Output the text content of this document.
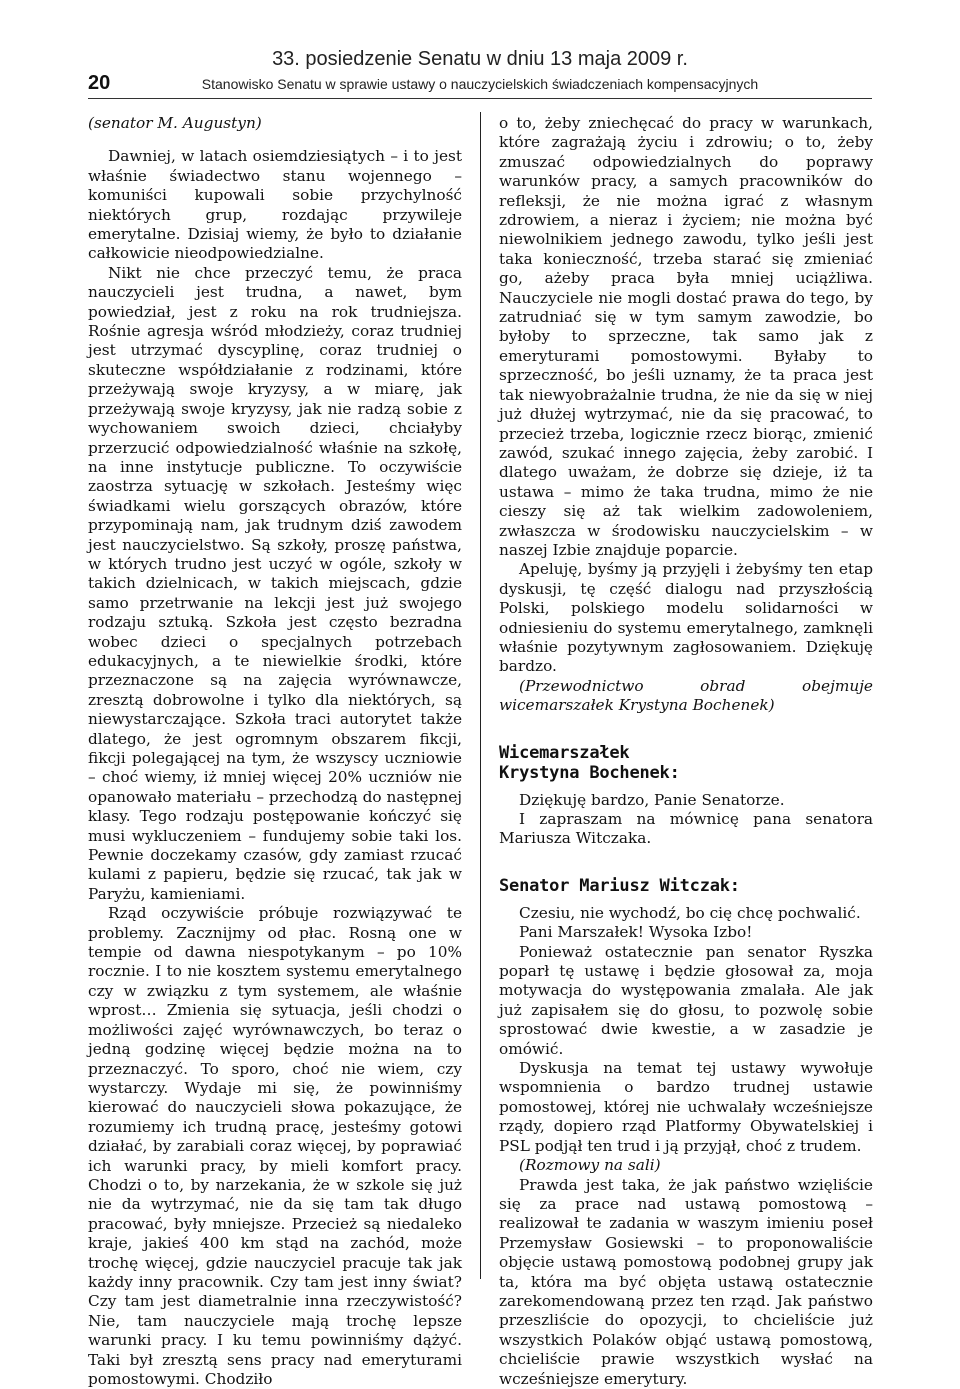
33. posiedzenie Senatu w dniu 13 maja 2009 r.
20	Stanowisko Senatu w sprawie ustawy o nauczycielskich świadczeniach kompensacyjnych

(senator M. Augustyn)

Dawniej, w latach osiemdziesiątych – i to jest właśnie świadectwo stanu wojennego – komuniści kupowali sobie przychylność niektórych grup, rozdając przywileje emerytalne. Dzisiaj wiemy, że było to działanie całkowicie nieodpowiedzialne.

Nikt nie chce przeczyć temu, że praca nauczycieli jest trudna, a nawet, bym powiedział, jest z roku na rok trudniejsza. Rośnie agresja wśród młodzieży, coraz trudniej jest utrzymać dyscyplinę, coraz trudniej o skuteczne współdziałanie z rodzinami, które przeżywają swoje kryzysy, a w miarę, jak przeżywają swoje kryzysy, jak nie radzą sobie z wychowaniem swoich dzieci, chciałyby przerzucić odpowiedzialność właśnie na szkołę, na inne instytucje publiczne. To oczywiście zaostrza sytuację w szkołach. Jesteśmy więc świadkami wielu gorszących obrazów, które przypominają nam, jak trudnym dziś zawodem jest nauczycielstwo. Są szkoły, proszę państwa, w których trudno jest uczyć w ogóle, szkoły w takich dzielnicach, w takich miejscach, gdzie samo przetrwanie na lekcji jest już swojego rodzaju sztuką. Szkoła jest często bezradna wobec dzieci o specjalnych potrzebach edukacyjnych, a te niewielkie środki, które przeznaczone są na zajęcia wyrównawcze, zresztą dobrowolne i tylko dla niektórych, są niewystarczające. Szkoła traci autorytet także dlatego, że jest ogromnym obszarem fikcji, fikcji polegającej na tym, że wszyscy uczniowie – choć wiemy, iż mniej więcej 20% uczniów nie opanowało materiału – przechodzą do następnej klasy. Tego rodzaju postępowanie kończyć się musi wykluczeniem – fundujemy sobie taki los. Pewnie doczekamy czasów, gdy zamiast rzucać kulami z papieru, będzie się rzucać, tak jak w Paryżu, kamieniami.

Rząd oczywiście próbuje rozwiązywać te problemy. Zacznijmy od płac. Rosną one w tempie od dawna niespotykanym – po 10% rocznie. I to nie kosztem systemu emerytalnego czy w związku z tym systemem, ale właśnie wprost… Zmienia się sytuacja, jeśli chodzi o możliwości zajęć wyrównawczych, bo teraz o jedną godzinę więcej będzie można na to przeznaczyć. To sporo, choć nie wiem, czy wystarczy. Wydaje mi się, że powinniśmy kierować do nauczycieli słowa pokazujące, że rozumiemy ich trudną pracę, jesteśmy gotowi działać, by zarabiali coraz więcej, by poprawiać ich warunki pracy, by mieli komfort pracy. Chodzi o to, by narzekania, że w szkole się już nie da wytrzymać, nie da się tam tak długo pracować, były mniejsze. Przecież są niedaleko kraje, jakieś 400 km stąd na zachód, może trochę więcej, gdzie nauczyciel pracuje tak jak każdy inny pracownik. Czy tam jest inny świat? Czy tam jest diametralnie inna rzeczywistość? Nie, tam nauczyciele mają trochę lepsze warunki pracy. I ku temu powinniśmy dążyć. Taki był zresztą sens pracy nad emeryturami pomostowymi. Chodziło

o to, żeby zniechęcać do pracy w warunkach, które zagrażają życiu i zdrowiu; o to, żeby zmuszać odpowiedzialnych do poprawy warunków pracy, a samych pracowników do refleksji, że nie można igrać z własnym zdrowiem, a nieraz i życiem; nie można być niewolnikiem jednego zawodu, tylko jeśli jest taka konieczność, trzeba starać się zmieniać go, ażeby praca była mniej uciążliwa. Nauczyciele nie mogli dostać prawa do tego, by zatrudniać się w tym samym zawodzie, bo byłoby to sprzeczne, tak samo jak z emeryturami pomostowymi. Byłaby to sprzeczność, bo jeśli uznamy, że ta praca jest tak niewyobrażalnie trudna, że nie da się w niej już dłużej wytrzymać, nie da się pracować, to przecież trzeba, logicznie rzecz biorąc, zmienić zawód, szukać innego zajęcia, żeby zarobić. I dlatego uważam, że dobrze się dzieje, iż ta ustawa – mimo że taka trudna, mimo że nie cieszy się aż tak wielkim zadowoleniem, zwłaszcza w środowisku nauczycielskim – w naszej Izbie znajduje poparcie.

Apeluję, byśmy ją przyjęli i żebyśmy ten etap dyskusji, tę część dialogu nad przyszłością Polski, polskiego modelu solidarności w odniesieniu do systemu emerytalnego, zamknęli właśnie pozytywnym zagłosowaniem. Dziękuję bardzo.

(Przewodnictwo obrad obejmuje wicemarszałek Krystyna Bochenek)

Wicemarszałek
Krystyna Bochenek:

Dziękuję bardzo, Panie Senatorze.

I zapraszam na mównicę pana senatora Mariusza Witczaka.

Senator Mariusz Witczak:

Czesiu, nie wychodź, bo cię chcę pochwalić.

Pani Marszałek! Wysoka Izbo!

Ponieważ ostatecznie pan senator Ryszka poparł tę ustawę i będzie głosował za, moja motywacja do występowania zmalała. Ale jak już zapisałem się do głosu, to pozwolę sobie sprostować dwie kwestie, a w zasadzie je omówić.

Dyskusja na temat tej ustawy wywołuje wspomnienia o bardzo trudnej ustawie pomostowej, której nie uchwalały wcześniejsze rządy, dopiero rząd Platformy Obywatelskiej i PSL podjął ten trud i ją przyjął, choć z trudem.

(Rozmowy na sali)

Prawda jest taka, że jak państwo wzięliście się za prace nad ustawą pomostową – realizował te zadania w waszym imieniu poseł Przemysław Gosiewski – to proponowaliście objęcie ustawą pomostową podobnej grupy jak ta, która ma być objęta ustawą ostatecznie zarekomendowaną przez ten rząd. Jak państwo przeszliście do opozycji, to chcieliście już wszystkich Polaków objąć ustawą pomostową, chcieliście prawie wszystkich wysłać na wcześniejsze emerytury.
